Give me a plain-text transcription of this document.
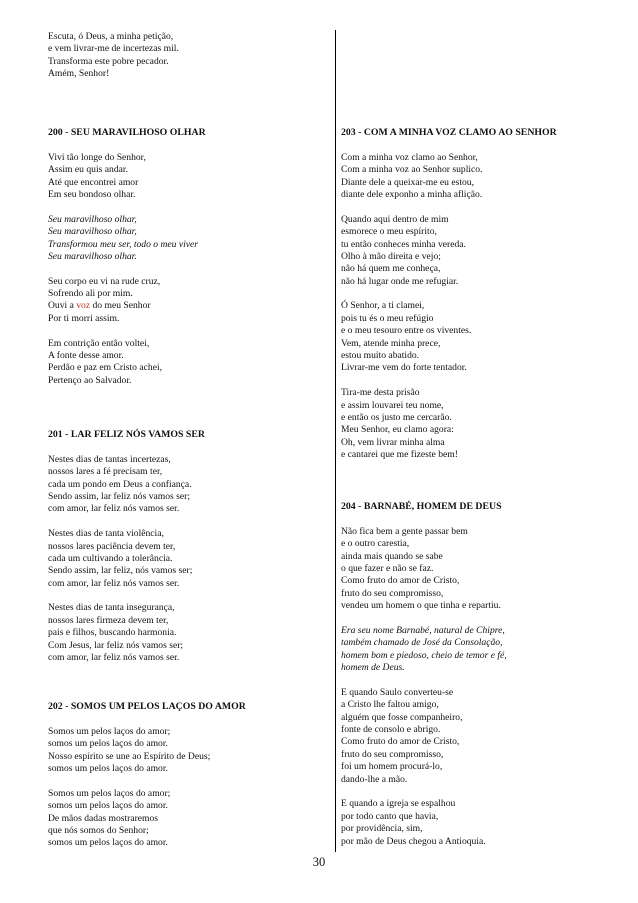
Escuta, ó Deus, a minha petição,
e vem livrar-me de incertezas mil.
Transforma este pobre pecador.
Amém, Senhor!
200 - SEU MARAVILHOSO OLHAR
Vivi tão longe do Senhor,
Assim eu quis andar.
Até que encontrei amor
Em seu bondoso olhar.
Seu maravilhoso olhar,
Seu maravilhoso olhar,
Transformou meu ser, todo o meu viver
Seu maravilhoso olhar.
Seu corpo eu vi na rude cruz,
Sofrendo ali por mim.
Ouvi a voz do meu Senhor
Por ti morri assim.
Em contrição então voltei,
A fonte desse amor.
Perdão e paz em Cristo achei,
Pertenço ao Salvador.
201 - LAR FELIZ NÓS VAMOS SER
Nestes dias de tantas incertezas,
nossos lares a fé precisam ter,
cada um pondo em Deus a confiança.
Sendo assim, lar feliz nós vamos ser;
com amor, lar feliz nós vamos ser.
Nestes dias de tanta violência,
nossos lares paciência devem ter,
cada um cultivando a tolerância.
Sendo assim, lar feliz, nós vamos ser;
com amor, lar feliz nós vamos ser.
Nestes dias de tanta insegurança,
nossos lares firmeza devem ter,
pais e filhos, buscando harmonia.
Com Jesus, lar feliz nós vamos ser;
com amor, lar feliz nós vamos ser.
202 - SOMOS UM PELOS LAÇOS DO AMOR
Somos um pelos laços do amor;
somos um pelos laços do amor.
Nosso espírito se une ao Espírito de Deus;
somos um pelos laços do amor.
Somos um pelos laços do amor;
somos um pelos laços do amor.
De mãos dadas mostraremos
que nós somos do Senhor;
somos um pelos laços do amor.
203 - COM A MINHA VOZ CLAMO AO SENHOR
Com a minha voz clamo ao Senhor,
Com a minha voz ao Senhor suplico.
Diante dele a queixar-me eu estou,
diante dele exponho a minha aflição.
Quando aqui dentro de mim
esmorece o meu espírito,
tu então conheces minha vereda.
Olho à mão direita e vejo;
não há quem me conheça,
não há lugar onde me refugiar.
Ó Senhor, a ti clamei,
pois tu és o meu refúgio
e o meu tesouro entre os viventes.
Vem, atende minha prece,
estou muito abatido.
Livrar-me vem do forte tentador.
Tira-me desta prisão
e assim louvarei teu nome,
e então os justo me cercarão.
Meu Senhor, eu clamo agora:
Oh, vem livrar minha alma
e cantarei que me fizeste bem!
204 - BARNABÉ, HOMEM DE DEUS
Não fica bem a gente passar bem
e o outro carestia,
ainda mais quando se sabe
o que fazer e não se faz.
Como fruto do amor de Cristo,
fruto do seu compromisso,
vendeu um homem o que tinha e repartiu.
Era seu nome Barnabé, natural de Chipre,
também chamado de José da Consolação,
homem bom e piedoso, cheio de temor e fé,
homem de Deus.
E quando Saulo converteu-se
a Cristo lhe faltou amigo,
alguém que fosse companheiro,
fonte de consolo e abrigo.
Como fruto do amor de Cristo,
fruto do seu compromisso,
foi um homem procurá-lo,
dando-lhe a mão.
E quando a igreja se espalhou
por todo canto que havia,
por providência, sim,
por mão de Deus chegou a Antioquia.
30
